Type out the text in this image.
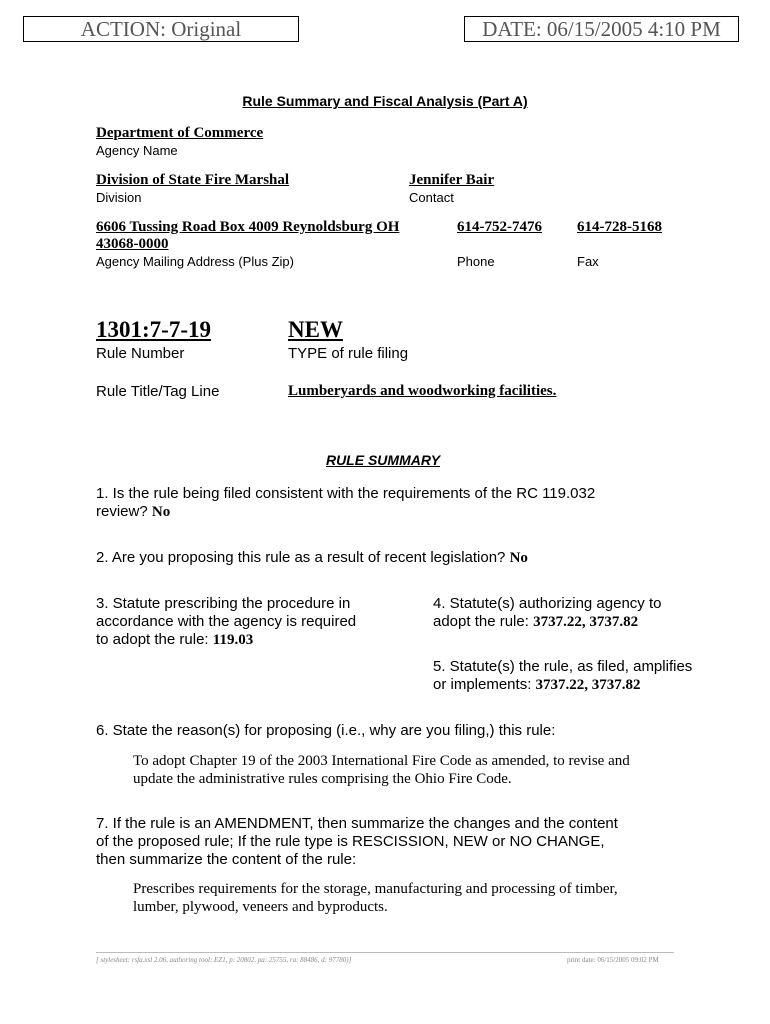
ACTION: Original	DATE: 06/15/2005 4:10 PM
Rule Summary and Fiscal Analysis (Part A)
Department of Commerce
Agency Name
Division of State Fire Marshal
Division
Jennifer Bair
Contact
6606 Tussing Road Box 4009 Reynoldsburg OH
43068-0000
Agency Mailing Address (Plus Zip)
614-752-7476
Phone
614-728-5168
Fax
1301:7-7-19
Rule Number
NEW
TYPE of rule filing
Rule Title/Tag Line	Lumberyards and woodworking facilities.
RULE SUMMARY
1. Is the rule being filed consistent with the requirements of the RC 119.032
review? No
2. Are you proposing this rule as a result of recent legislation? No
3. Statute prescribing the procedure in
accordance with the agency is required
to adopt the rule: 119.03
4. Statute(s) authorizing agency to
adopt the rule: 3737.22, 3737.82
5. Statute(s) the rule, as filed, amplifies
or implements: 3737.22, 3737.82
6. State the reason(s) for proposing (i.e., why are you filing,) this rule:
To adopt Chapter 19 of the 2003 International Fire Code as amended, to revise and
update the administrative rules comprising the Ohio Fire Code.
7. If the rule is an AMENDMENT, then summarize the changes and the content
of the proposed rule; If the rule type is RESCISSION, NEW or NO CHANGE,
then summarize the content of the rule:
Prescribes requirements for the storage, manufacturing and processing of timber,
lumber, plywood, veneers and byproducts.
[ stylesheet: rsfa.xsl 2.06, authoring tool: EZ1, p: 20802, pa: 25755, ra: 88486, d: 97780)]	print date: 06/15/2005 09:02 PM
